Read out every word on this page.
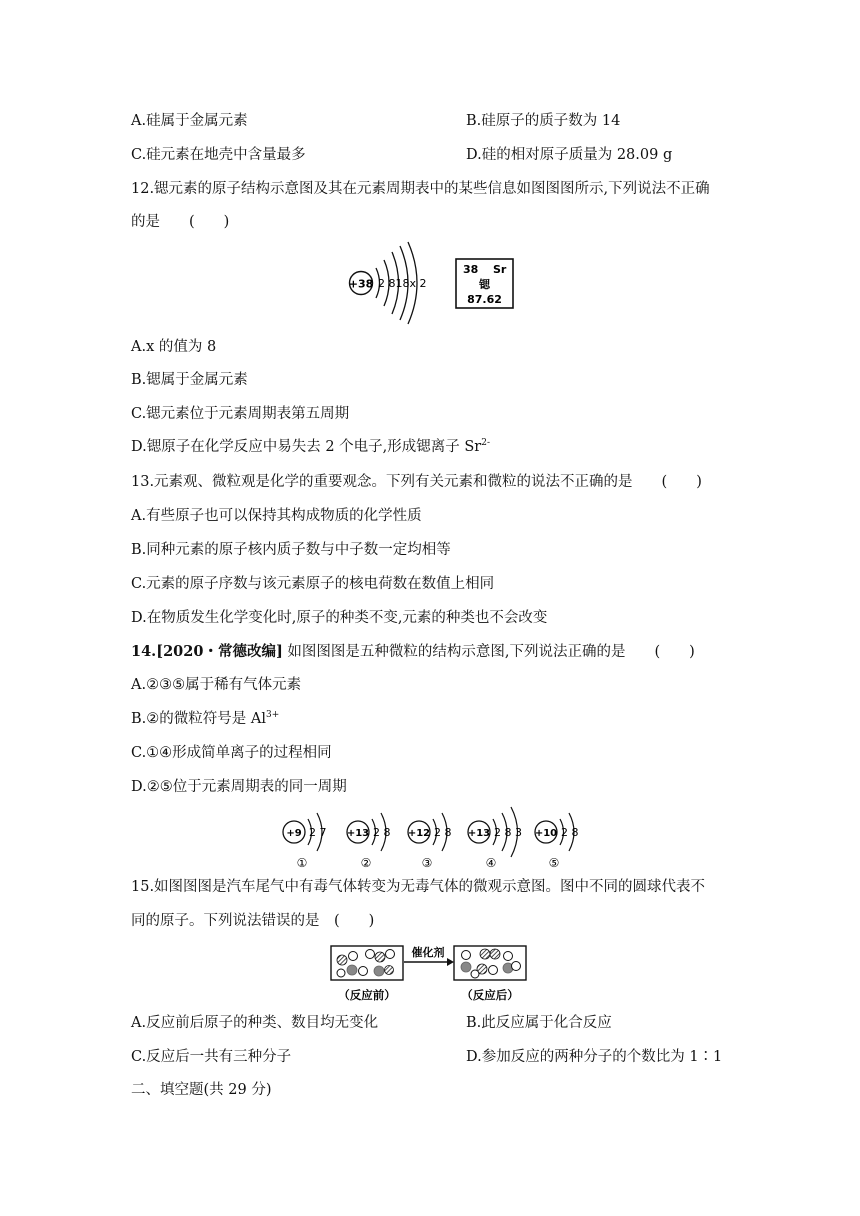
A.硅属于金属元素	B.硅原子的质子数为 14
C.硅元素在地壳中含量最多	D.硅的相对原子质量为 28.09 g
12.锶元素的原子结构示意图及其在元素周期表中的某些信息如图图图所示,下列说法不正确
的是　　(　　)
+38 2 818x 2
38 Sr
锶
87.62
A.x 的值为 8
B.锶属于金属元素
C.锶元素位于元素周期表第五周期
D.锶原子在化学反应中易失去 2 个电子,形成锶离子 $Sr^{2-}$
13.元素观、微粒观是化学的重要观念。下列有关元素和微粒的说法不正确的是　　(　　)
A.有些原子也可以保持其构成物质的化学性质
B.同种元素的原子核内质子数与中子数一定均相等
C.元素的原子序数与该元素原子的核电荷数在数值上相同
D.在物质发生化学变化时,原子的种类不变,元素的种类也不会改变
14.[2020・常德改编] 如图图图是五种微粒的结构示意图,下列说法正确的是　　(　　)
A.②③⑤属于稀有气体元素
B.②的微粒符号是 $Al^{3+}$
C.①④形成简单离子的过程相同
D.②⑤位于元素周期表的同一周期
+9 2 7
①
+13 2 8
②
+12 2 8
③
+13 2 8 3
④
+10 2 8
⑤
15.如图图图是汽车尾气中有毒气体转变为无毒气体的微观示意图。图中不同的圆球代表不
同的原子。下列说法错误的是　(　　)
催化剂
（反应前）	（反应后）
A.反应前后原子的种类、数目均无变化	B.此反应属于化合反应
C.反应后一共有三种分子	D.参加反应的两种分子的个数比为 1∶1
二、填空题(共 29 分)
